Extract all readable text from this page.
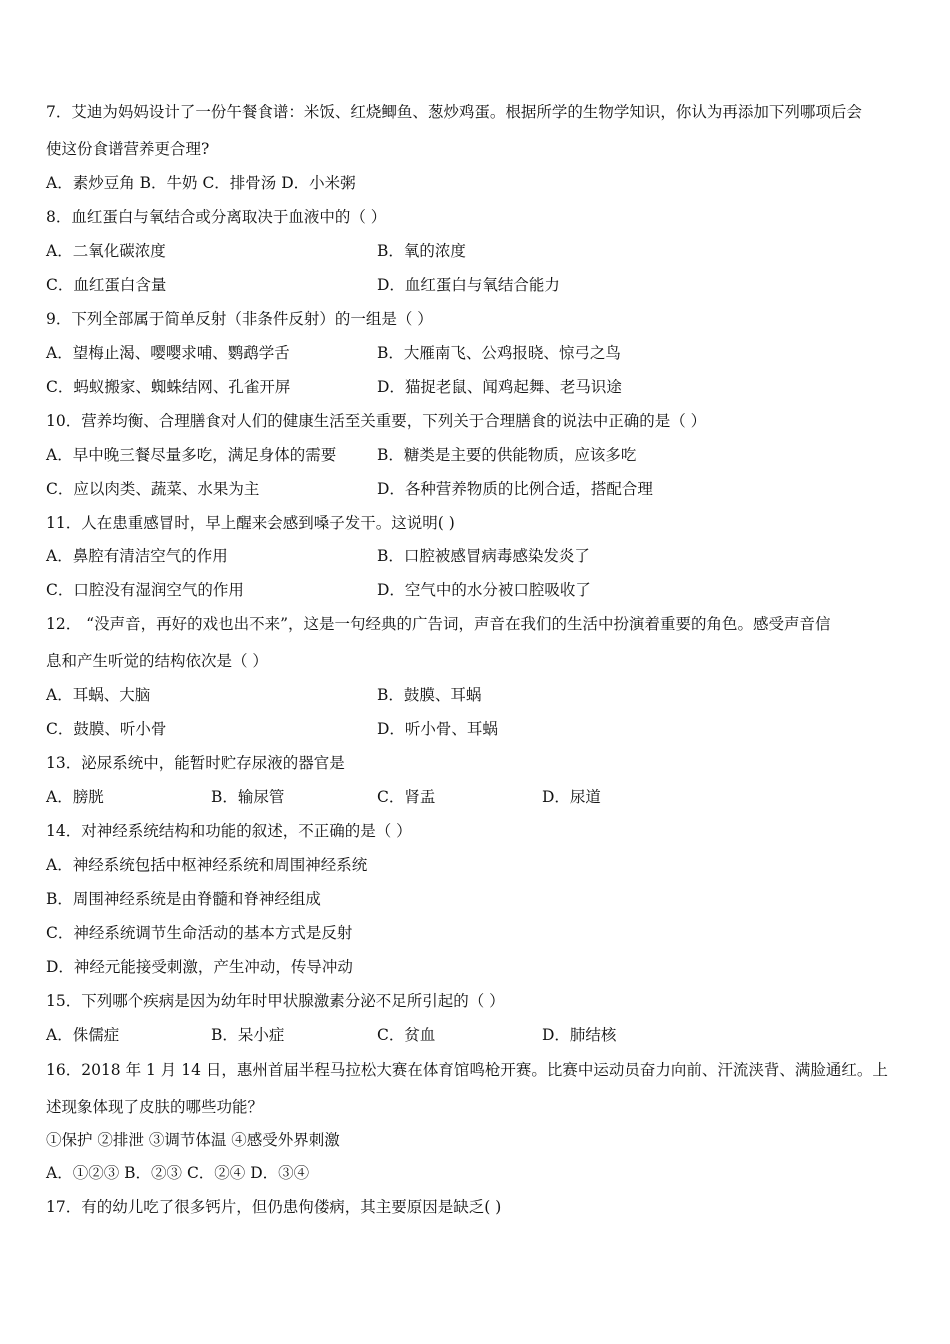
7．艾迪为妈妈设计了一份午餐食谱：米饭、红烧鲫鱼、葱炒鸡蛋。根据所学的生物学知识，你认为再添加下列哪项后会
使这份食谱营养更合理?
A．素炒豆角 B．牛奶 C．排骨汤 D．小米粥
8．血红蛋白与氧结合或分离取决于血液中的（ ）
A．二氧化碳浓度	B．氧的浓度
C．血红蛋白含量	D．血红蛋白与氧结合能力
9．下列全部属于简单反射（非条件反射）的一组是（ ）
A．望梅止渴、嘤嘤求哺、鹦鹉学舌	B．大雁南飞、公鸡报晓、惊弓之鸟
C．蚂蚁搬家、蜘蛛结网、孔雀开屏	D．猫捉老鼠、闻鸡起舞、老马识途
10．营养均衡、合理膳食对人们的健康生活至关重要，下列关于合理膳食的说法中正确的是（ ）
A．早中晚三餐尽量多吃，满足身体的需要	B．糖类是主要的供能物质，应该多吃
C．应以肉类、蔬菜、水果为主	D．各种营养物质的比例合适，搭配合理
11．人在患重感冒时，早上醒来会感到嗓子发干。这说明( )
A．鼻腔有清洁空气的作用	B．口腔被感冒病毒感染发炎了
C．口腔没有湿润空气的作用	D．空气中的水分被口腔吸收了
12． “没声音，再好的戏也出不来”，这是一句经典的广告词，声音在我们的生活中扮演着重要的角色。感受声音信
息和产生听觉的结构依次是（ ）
A．耳蜗、大脑	B．鼓膜、耳蜗
C．鼓膜、听小骨	D．听小骨、耳蜗
13．泌尿系统中，能暂时贮存尿液的器官是
A．膀胱	B．输尿管	C．肾盂	D．尿道
14．对神经系统结构和功能的叙述，不正确的是（ ）
A．神经系统包括中枢神经系统和周围神经系统
B．周围神经系统是由脊髓和脊神经组成
C．神经系统调节生命活动的基本方式是反射
D．神经元能接受刺激，产生冲动，传导冲动
15．下列哪个疾病是因为幼年时甲状腺激素分泌不足所引起的（ ）
A．侏儒症	B．呆小症	C．贫血	D．肺结核
16．2018 年 1 月 14 日，惠州首届半程马拉松大赛在体育馆鸣枪开赛。比赛中运动员奋力向前、汗流浃背、满脸通红。上
述现象体现了皮肤的哪些功能？
①保护 ②排泄 ③调节体温 ④感受外界刺激
A．①②③ B．②③ C．②④ D．③④
17．有的幼儿吃了很多钙片，但仍患佝偻病，其主要原因是缺乏( )
